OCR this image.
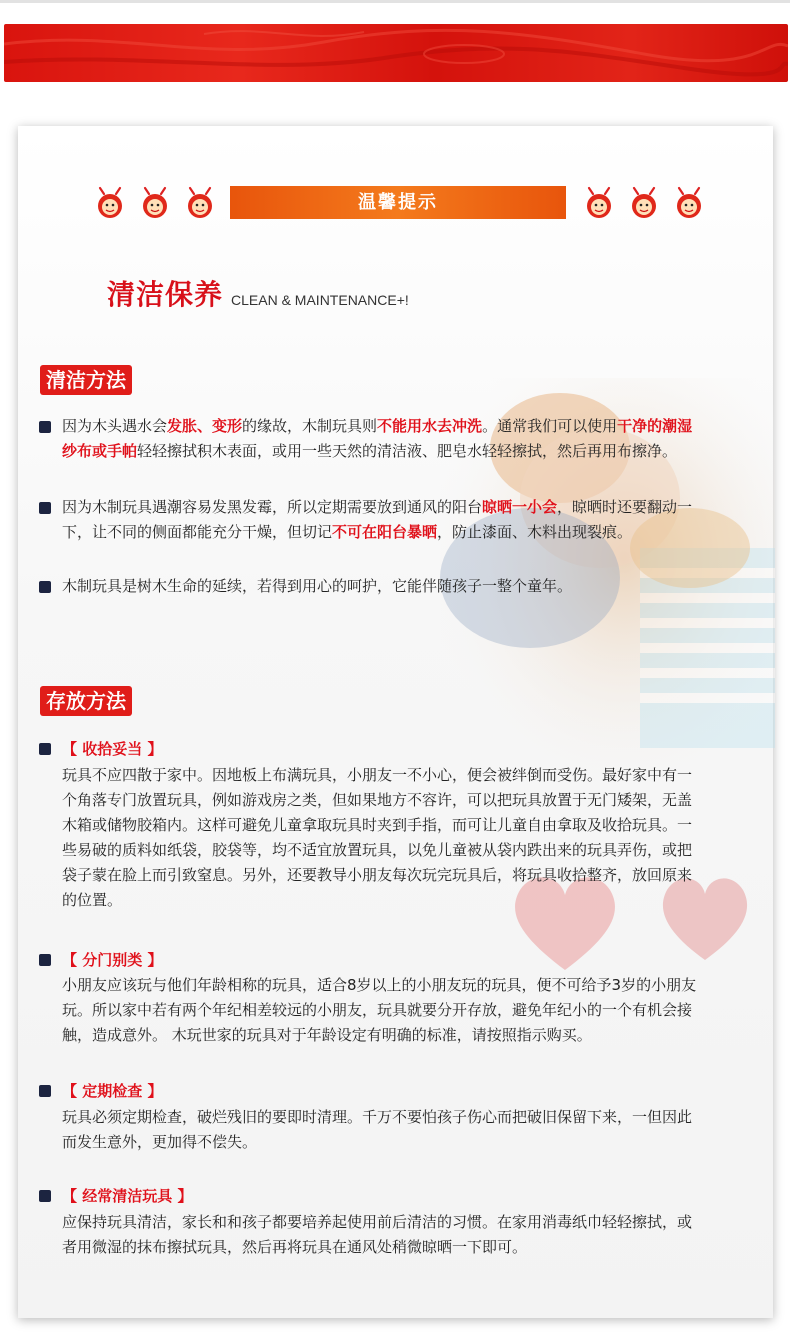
温馨提示
清洁保养 CLEAN & MAINTENANCE+!
清洁方法
因为木头遇水会发胀、变形的缘故，木制玩具则不能用水去冲洗。通常我们可以使用干净的潮湿
纱布或手帕轻轻擦拭积木表面，或用一些天然的清洁液、肥皂水轻轻擦拭，然后再用布擦净。
因为木制玩具遇潮容易发黑发霉，所以定期需要放到通风的阳台晾晒一小会，晾晒时还要翻动一
下，让不同的侧面都能充分干燥，但切记不可在阳台暴晒，防止漆面、木料出现裂痕。
木制玩具是树木生命的延续，若得到用心的呵护，它能伴随孩子一整个童年。
存放方法
【 收拾妥当 】
玩具不应四散于家中。因地板上布满玩具，小朋友一不小心，便会被绊倒而受伤。最好家中有一
个角落专门放置玩具，例如游戏房之类，但如果地方不容许，可以把玩具放置于无门矮架，无盖
木箱或储物胶箱内。这样可避免儿童拿取玩具时夹到手指，而可让儿童自由拿取及收拾玩具。一
些易破的质料如纸袋，胶袋等，均不适宜放置玩具，以免儿童被从袋内跌出来的玩具弄伤，或把
袋子蒙在脸上而引致窒息。另外，还要教导小朋友每次玩完玩具后，将玩具收拾整齐，放回原来
的位置。
【 分门别类 】
小朋友应该玩与他们年龄相称的玩具，适合8岁以上的小朋友玩的玩具，便不可给予3岁的小朋友
玩。所以家中若有两个年纪相差较远的小朋友，玩具就要分开存放，避免年纪小的一个有机会接
触，造成意外。 木玩世家的玩具对于年龄设定有明确的标准，请按照指示购买。
【 定期检查 】
玩具必须定期检查，破烂残旧的要即时清理。千万不要怕孩子伤心而把破旧保留下来，一但因此
而发生意外，更加得不偿失。
【 经常清洁玩具 】
应保持玩具清洁，家长和和孩子都要培养起使用前后清洁的习惯。在家用消毒纸巾轻轻擦拭，或
者用微湿的抹布擦拭玩具，然后再将玩具在通风处稍微晾晒一下即可。
